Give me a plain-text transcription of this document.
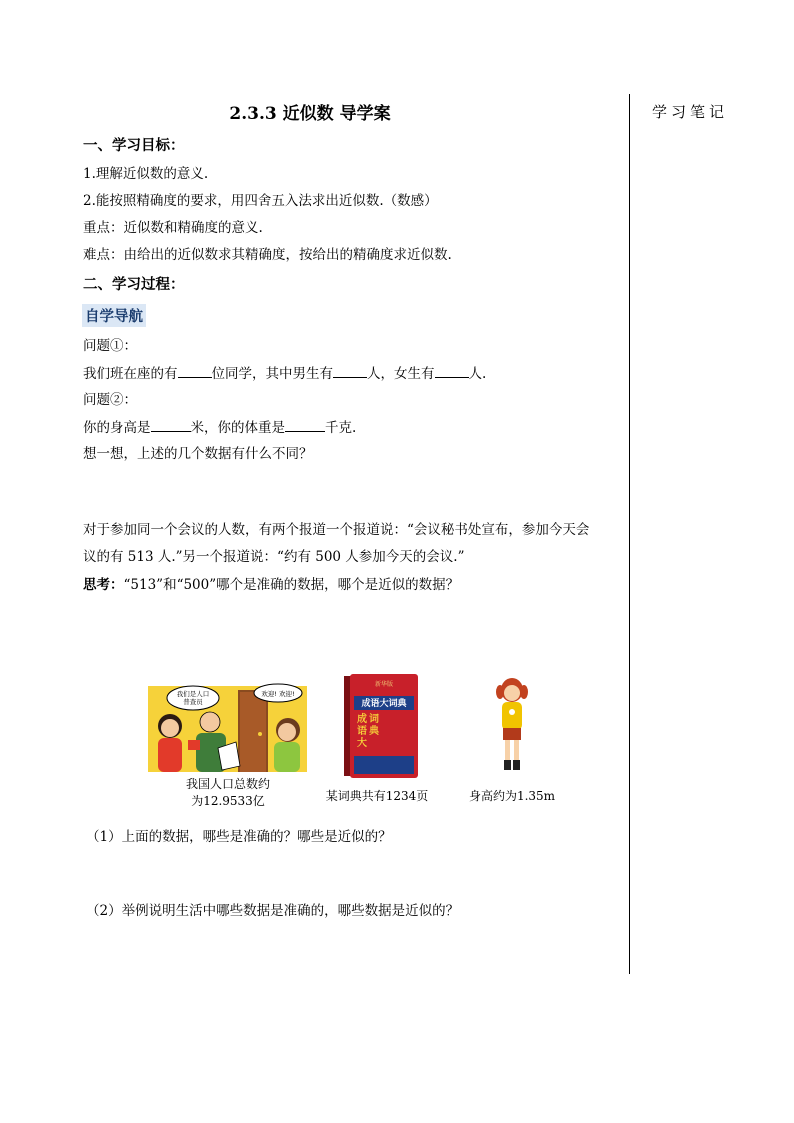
2.3.3 近似数 导学案	学习笔记
一、学习目标：
1.理解近似数的意义.
2.能按照精确度的要求，用四舍五入法求出近似数.（数感）
重点：近似数和精确度的意义.
难点：由给出的近似数求其精确度，按给出的精确度求近似数.
二、学习过程：
自学导航
问题①：
我们班在座的有	位同学，其中男生有	人，女生有	人.
问题②：
你的身高是	米，你的体重是	千克.
想一想，上述的几个数据有什么不同？
对于参加同一个会议的人数，有两个报道一个报道说：“会议秘书处宣布，参加今天会
议的有 513 人.”另一个报道说：“约有 500 人参加今天的会议.”
思考：“513”和“500”哪个是准确的数据，哪个是近似的数据？
我们是人口
普查员
欢迎! 欢迎!
新华版
成语大词典
成
语
大
词
典
我国人口总数约
为12.9533亿	某词典共有1234页	身高约为1.35m
（1）上面的数据，哪些是准确的？哪些是近似的？
（2）举例说明生活中哪些数据是准确的，哪些数据是近似的？
